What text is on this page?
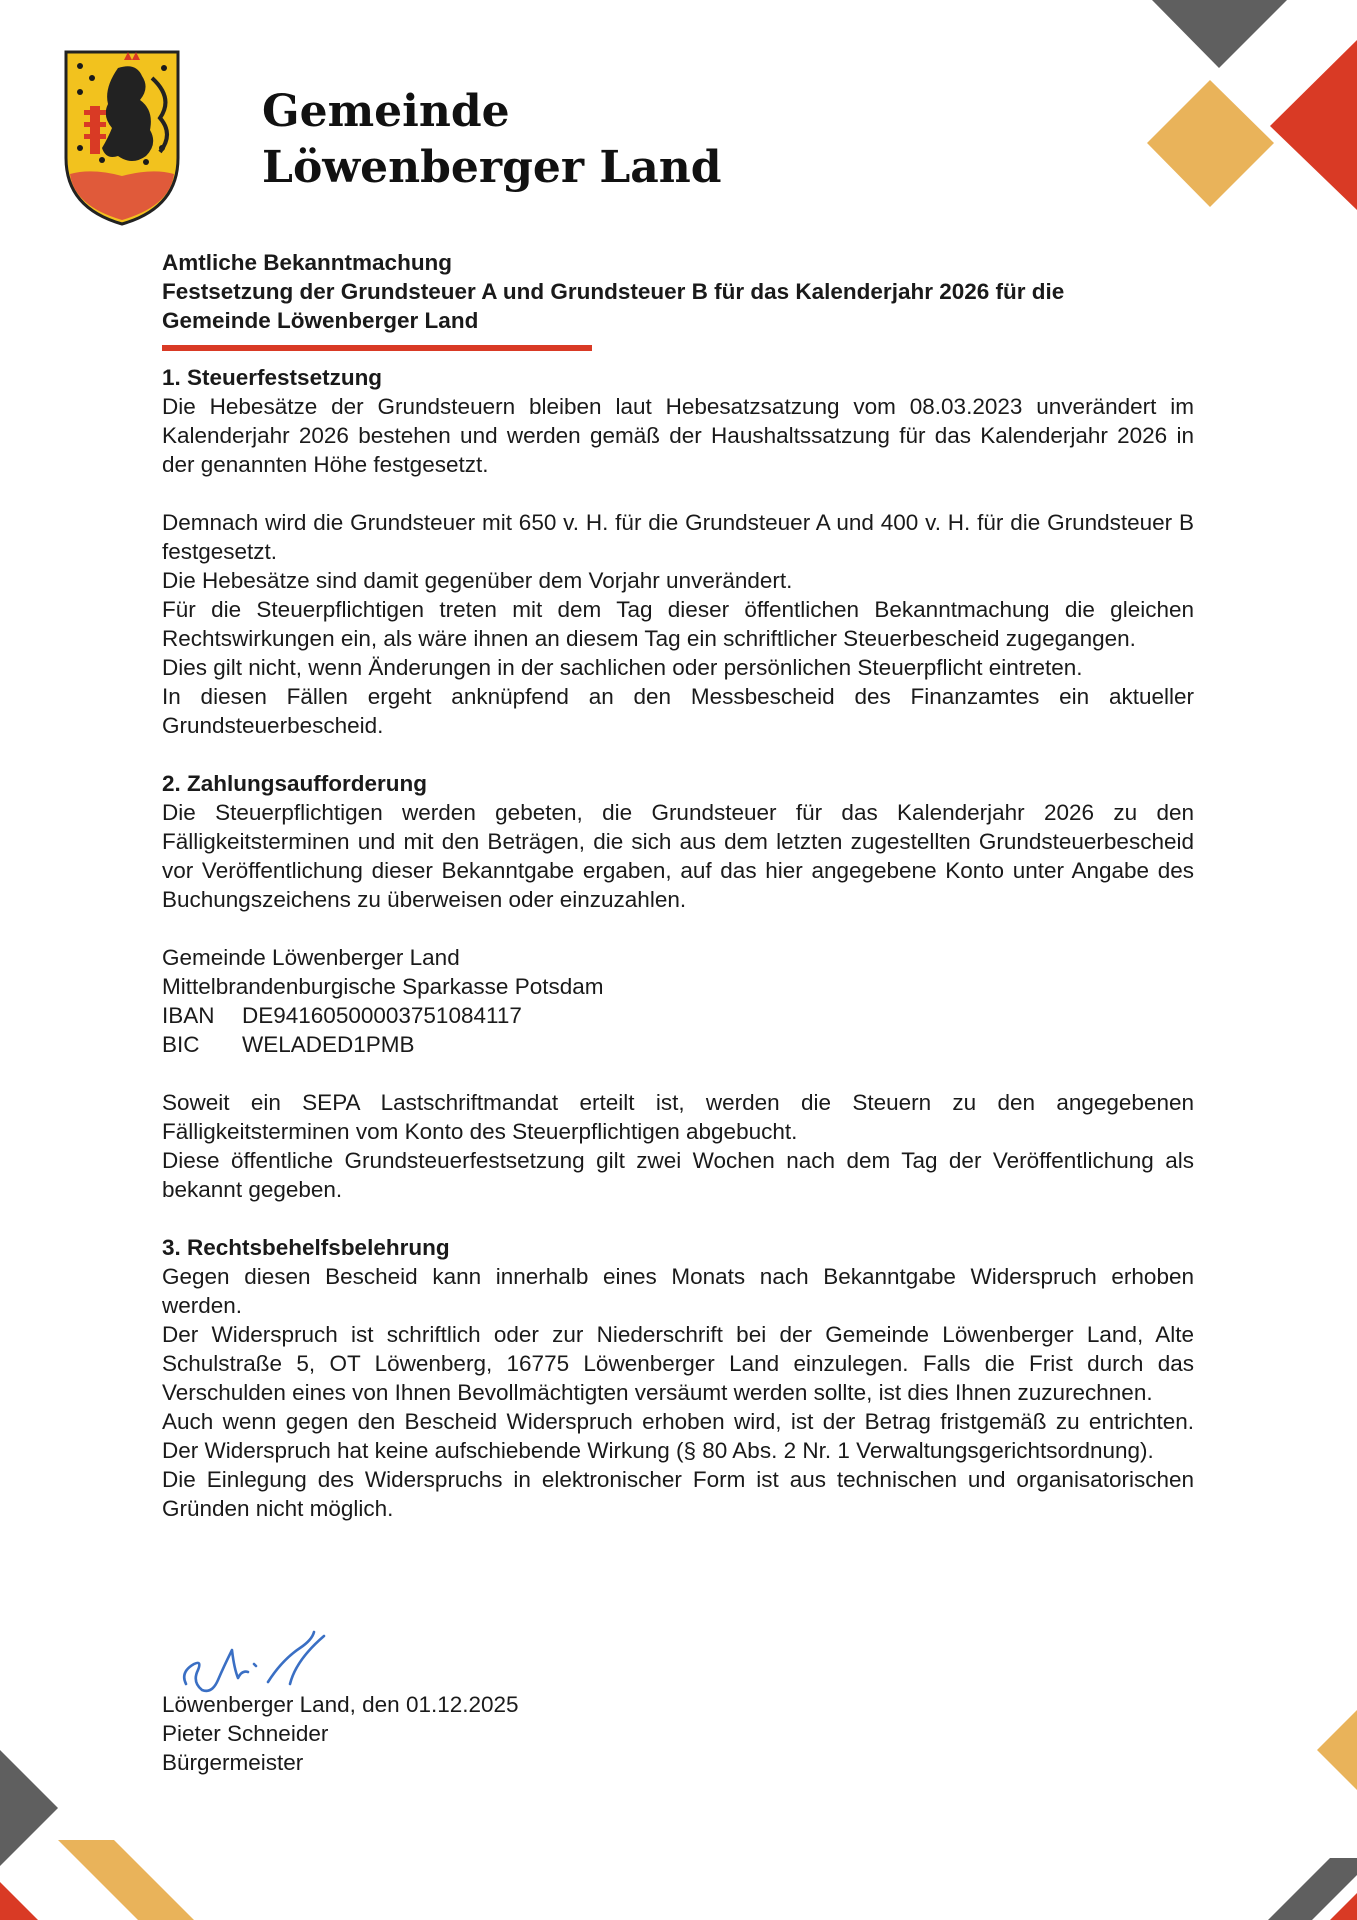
Gemeinde
Löwenberger Land
Amtliche Bekanntmachung
Festsetzung der Grundsteuer A und Grundsteuer B für das Kalenderjahr 2026 für die
Gemeinde Löwenberger Land
1. Steuerfestsetzung

Die Hebesätze der Grundsteuern bleiben laut Hebesatzsatzung vom 08.03.2023 unverändert im Kalenderjahr 2026 bestehen und werden gemäß der Haushaltssatzung für das Kalenderjahr 2026 in der genannten Höhe festgesetzt.

Demnach wird die Grundsteuer mit 650 v. H. für die Grundsteuer A und 400 v. H. für die Grundsteuer B festgesetzt.

Die Hebesätze sind damit gegenüber dem Vorjahr unverändert.

Für die Steuerpflichtigen treten mit dem Tag dieser öffentlichen Bekanntmachung die gleichen Rechtswirkungen ein, als wäre ihnen an diesem Tag ein schriftlicher Steuerbescheid zugegangen.

Dies gilt nicht, wenn Änderungen in der sachlichen oder persönlichen Steuerpflicht eintreten.

In diesen Fällen ergeht anknüpfend an den Messbescheid des Finanzamtes ein aktueller Grundsteuerbescheid.

2. Zahlungsaufforderung

Die Steuerpflichtigen werden gebeten, die Grundsteuer für das Kalenderjahr 2026 zu den Fälligkeitsterminen und mit den Beträgen, die sich aus dem letzten zugestellten Grundsteuerbescheid vor Veröffentlichung dieser Bekanntgabe ergaben, auf das hier angegebene Konto unter Angabe des Buchungszeichens zu überweisen oder einzuzahlen.

Gemeinde Löwenberger Land
Mittelbrandenburgische Sparkasse Potsdam
IBAN DE94160500003751084117
BIC WELADED1PMB

Soweit ein SEPA Lastschriftmandat erteilt ist, werden die Steuern zu den angegebenen Fälligkeitsterminen vom Konto des Steuerpflichtigen abgebucht.

Diese öffentliche Grundsteuerfestsetzung gilt zwei Wochen nach dem Tag der Veröffentlichung als bekannt gegeben.

3. Rechtsbehelfsbelehrung

Gegen diesen Bescheid kann innerhalb eines Monats nach Bekanntgabe Widerspruch erhoben werden.

Der Widerspruch ist schriftlich oder zur Niederschrift bei der Gemeinde Löwenberger Land, Alte Schulstraße 5, OT Löwenberg, 16775 Löwenberger Land einzulegen. Falls die Frist durch das Verschulden eines von Ihnen Bevollmächtigten versäumt werden sollte, ist dies Ihnen zuzurechnen.

Auch wenn gegen den Bescheid Widerspruch erhoben wird, ist der Betrag fristgemäß zu entrichten. Der Widerspruch hat keine aufschiebende Wirkung (§ 80 Abs. 2 Nr. 1 Verwaltungsgerichtsordnung).

Die Einlegung des Widerspruchs in elektronischer Form ist aus technischen und organisatorischen Gründen nicht möglich.

Löwenberger Land, den 01.12.2025
Pieter Schneider
Bürgermeister
